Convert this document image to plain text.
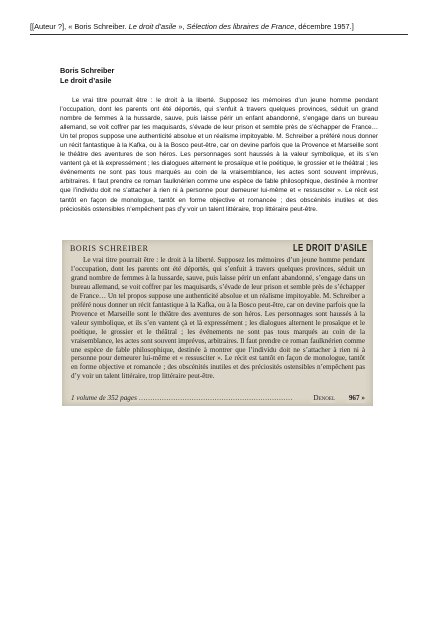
[[Auteur ?], « Boris Schreiber. Le droit d’asile », Sélection des libraires de France, décembre 1957.]
Boris Schreiber
Le droit d’asile
Le vrai titre pourrait être : le droit à la liberté. Supposez les mémoires d’un jeune homme pendant l’occupation, dont les parents ont été déportés, qui s’enfuit à travers quelques provinces, séduit un grand nombre de femmes à la hussarde, sauve, puis laisse périr un enfant abandonné, s’engage dans un bureau allemand, se voit coffrer par les maquisards, s’évade de leur prison et semble près de s’échapper de France… Un tel propos suppose une authenticité absolue et un réalisme impitoyable. M. Schreiber a préféré nous donner un récit fantastique à la Kafka, ou à la Bosco peut-être, car on devine parfois que la Provence et Marseille sont le théâtre des aventures de son héros. Les personnages sont haussés à la valeur symbolique, et ils s’en vantent çà et là expressément ; les dialogues alternent le prosaïque et le poétique, le grossier et le théâtral ; les événements ne sont pas tous marqués au coin de la vraisemblance, les actes sont souvent imprévus, arbitraires. Il faut prendre ce roman faulknérien comme une espèce de fable philosophique, destinée à montrer que l’individu doit ne s’attacher à rien ni à personne pour demeurer lui-même et « ressusciter ». Le récit est tantôt en façon de monologue, tantôt en forme objective et romancée ; des obscénités inutiles et des préciosités ostensibles n’empêchent pas d’y voir un talent littéraire, trop littéraire peut-être.
BORIS SCHREIBER	LE DROIT D’ASILE
Le vrai titre pourrait être : le droit à la liberté. Supposez les mémoires d’un jeune homme pendant l’occupation, dont les parents ont été déportés, qui s’enfuit à travers quelques provinces, séduit un grand nombre de femmes à la hussarde, sauve, puis laisse périr un enfant abandonné, s’engage dans un bureau allemand, se voit coffrer par les maquisards, s’évade de leur prison et semble près de s’échapper de France… Un tel propos suppose une authenticité absolue et un réalisme impitoyable. M. Schreiber a préféré nous donner un récit fantastique à la Kafka, ou à la Bosco peut-être, car on devine parfois que la Provence et Marseille sont le théâtre des aventures de son héros. Les personnages sont haussés à la valeur symbolique, et ils s’en vantent çà et là expressément ; les dialogues alternent le prosaïque et le poétique, le grossier et le théâtral ; les événements ne sont pas tous marqués au coin de la vraisemblance, les actes sont souvent imprévus, arbitraires. Il faut prendre ce roman faulknérien comme une espèce de fable philosophique, destinée à montrer que l’individu doit ne s’attacher à rien ni à personne pour demeurer lui-même et « ressusciter ». Le récit est tantôt en façon de monologue, tantôt en forme objective et romancée ; des obscénités inutiles et des préciosités ostensibles n’empêchent pas d’y voir un talent littéraire, trop littéraire peut-être.
1 volume de 352 pages ...................................................................	Denoel	967 »
